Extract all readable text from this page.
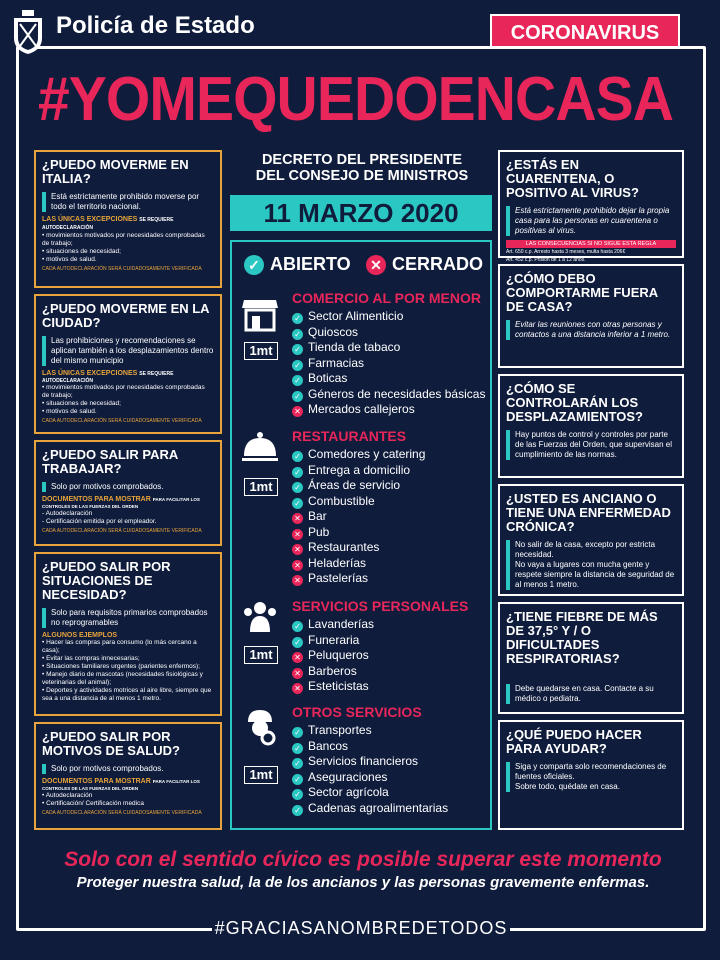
Policía de Estado	CORONAVIRUS
#YOMEQUEDOENCASA
¿PUEDO MOVERME EN ITALIA?
Está estrictamente prohibido moverse por todo el territorio nacional.
LAS ÚNICAS EXCEPCIONES SE REQUIERE AUTODECLARACIÓN
• movimientos motivados por necesidades comprobadas
de trabajo;
• situaciones de necesidad;
• motivos de salud.
CADA AUTODECLARACIÓN SERÁ CUIDADOSAMENTE VERIFICADA
¿PUEDO MOVERME EN LA CIUDAD?
Las prohibiciones y recomendaciones se aplican también a los desplazamientos dentro del mismo municipio
LAS ÚNICAS EXCEPCIONES SE REQUIERE AUTODECLARACIÓN
• movimientos motivados por necesidades comprobadas
de trabajo;
• situaciones de necesidad;
• motivos de salud.
CADA AUTODECLARACIÓN SERÁ CUIDADOSAMENTE VERIFICADA
¿PUEDO SALIR PARA TRABAJAR?
Solo por motivos comprobados.
DOCUMENTOS PARA MOSTRAR PARA FACILITAR LOS CONTROLES DE LAS FUERZAS DEL ORDEN
- Autodeclaración
- Certificación emitida por el empleador.
CADA AUTODECLARACIÓN SERÁ CUIDADOSAMENTE VERIFICADA
¿PUEDO SALIR POR SITUACIONES DE NECESIDAD?
Solo para requisitos primarios comprobados no reprogramables
ALGUNOS EJEMPLOS
• Hacer las compras para consumo (lo más cercano a casa);
• Evitar las compras innecesarias;
• Situaciones familiares urgentes (parientes enfermos);
• Manejo diario de mascotas (necesidades fisiológicas y veterinarias del animal);
• Deportes y actividades motrices al aire libre, siempre que sea a una distancia de al menos 1 metro.
¿PUEDO SALIR POR MOTIVOS DE SALUD?
Solo por motivos comprobados.
DOCUMENTOS PARA MOSTRAR PARA FACILITAR LOS CONTROLES DE LAS FUERZAS DEL ORDEN
• Autodeclaración
• Certificación/ Certificación medica
CADA AUTODECLARACIÓN SERÁ CUIDADOSAMENTE VERIFICADA
DECRETO DEL PRESIDENTE
DEL CONSEJO DE MINISTROS
11 MARZO 2020
✓ ABIERTO ✕ CERRADO
1mt
1mt
1mt
1mt
COMERCIO AL POR MENOR
✓ Sector Alimenticio
✓ Quioscos
✓ Tienda de tabaco
✓ Farmacias
✓ Boticas
✓ Géneros de necesidades básicas
✕ Mercados callejeros
RESTAURANTES
✓ Comedores y catering
✓ Entrega a domicilio
✓ Áreas de servicio
✓ Combustible
✕ Bar
✕ Pub
✕ Restaurantes
✕ Heladerías
✕ Pastelerías
SERVICIOS PERSONALES
✓ Lavanderías
✓ Funeraria
✕ Peluqueros
✕ Barberos
✕ Esteticistas
OTROS SERVICIOS
✓ Transportes
✓ Bancos
✓ Servicios financieros
✓ Aseguraciones
✓ Sector agrícola
✓ Cadenas agroalimentarias
¿ESTÁS EN CUARENTENA, O POSITIVO AL VIRUS?
Está estrictamente prohibido dejar la propia casa para las personas en cuarentena o positivas al virus.
LAS CONSECUENCIAS SI NO SIGUE ESTA REGLA
Art. 650 c.p. Arresto hasta 3 meses, multa hasta 206€
Art. 452 c.p. Prisión de 1 a 12 años.
¿CÓMO DEBO COMPORTARME FUERA DE CASA?
Evitar las reuniones con otras personas y contactos a una distancia inferior a 1 metro.
¿CÓMO SE CONTROLARÁN LOS DESPLAZAMIENTOS?
Hay puntos de control y controles por parte de las Fuerzas del Orden, que supervisan el cumplimiento de las normas.
¿USTED ES ANCIANO O TIENE UNA ENFERMEDAD CRÓNICA?
No salir de la casa, excepto por estricta necesidad.
No vaya a lugares con mucha gente y respete siempre la distancia de seguridad de al menos 1 metro.
¿TIENE FIEBRE DE MÁS DE 37,5° Y / O DIFICULTADES RESPIRATORIAS?
Debe quedarse en casa. Contacte a su médico o pediatra.
¿QUÉ PUEDO HACER PARA AYUDAR?
Siga y comparta solo recomendaciones de fuentes oficiales.
Sobre todo, quédate en casa.
Solo con el sentido cívico es posible superar este momento
Proteger nuestra salud, la de los ancianos y las personas gravemente enfermas.
#GRACIASANOMBREDETODOS
